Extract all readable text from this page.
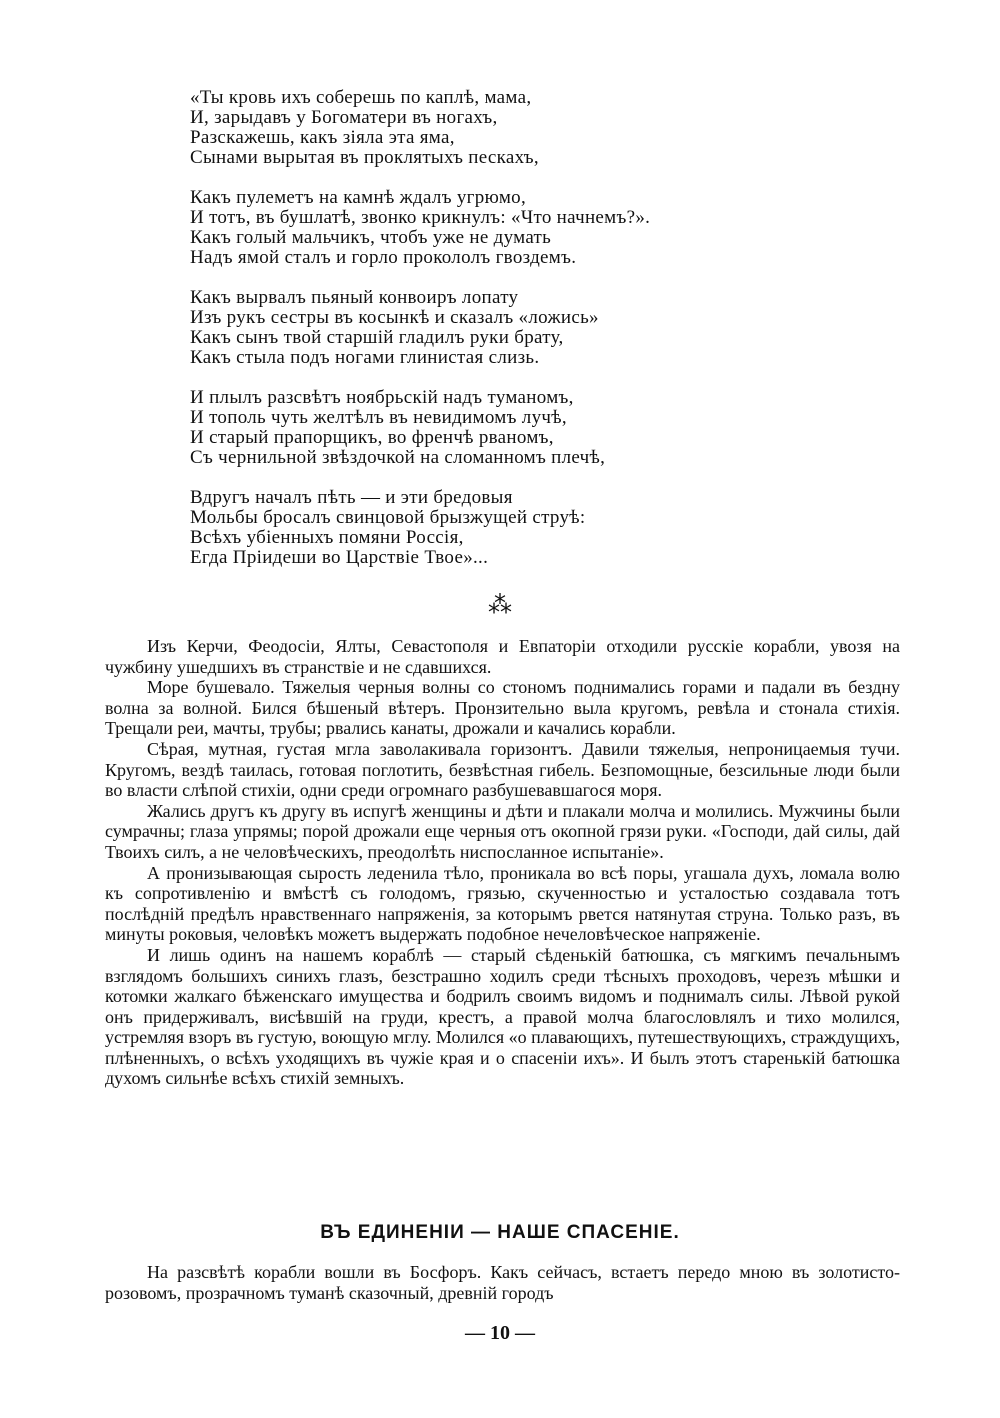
«Ты кровь ихъ соберешь по каплѣ, мама,
И, зарыдавъ у Богоматери въ ногахъ,
Разскажешь, какъ зіяла эта яма,
Сынами вырытая въ проклятыхъ пескахъ,
Какъ пулеметъ на камнѣ ждалъ угрюмо,
И тотъ, въ бушлатѣ, звонко крикнулъ: «Что начнемъ?».
Какъ голый мальчикъ, чтобъ уже не думать
Надъ ямой сталъ и горло прокололъ гвоздемъ.
Какъ вырвалъ пьяный конвоиръ лопату
Изъ рукъ сестры въ косынкѣ и сказалъ «ложись»
Какъ сынъ твой старшій гладилъ руки брату,
Какъ стыла подъ ногами глинистая слизь.
И плылъ разсвѣтъ ноябрьскій надъ туманомъ,
И тополь чуть желтѣлъ въ невидимомъ лучѣ,
И старый прапорщикъ, во френчѣ рваномъ,
Съ чернильной звѣздочкой на сломанномъ плечѣ,
Вдругъ началъ пѣть — и эти бредовыя
Мольбы бросалъ свинцовой брызжущей струѣ:
Всѣхъ убіенныхъ помяни Россія,
Егда Пріидеши во Царствіе Твое»...
⁂

Изъ Керчи, Феодосіи, Ялты, Севастополя и Евпаторіи отходили русскіе корабли, увозя на чужбину ушедшихъ въ странствіе и не сдавшихся.

Море бушевало. Тяжелыя черныя волны со стономъ поднимались горами и падали въ бездну волна за волной. Бился бѣшеный вѣтеръ. Пронзительно выла кругомъ, ревѣла и стонала стихія. Трещали реи, мачты, трубы; рвались канаты, дрожали и качались корабли.

Сѣрая, мутная, густая мгла заволакивала горизонтъ. Давили тяжелыя, непроницаемыя тучи. Кругомъ, вездѣ таилась, готовая поглотить, безвѣстная гибель. Безпомощные, безсильные люди были во власти слѣпой стихіи, одни среди огромнаго разбушевавшагося моря.

Жались другъ къ другу въ испугѣ женщины и дѣти и плакали молча и молились. Мужчины были сумрачны; глаза упрямы; порой дрожали еще черныя отъ окопной грязи руки. «Господи, дай силы, дай Твоихъ силъ, а не человѣческихъ, преодолѣть ниспосланное испытаніе».

А пронизывающая сырость леденила тѣло, проникала во всѣ поры, угашала духъ, ломала волю къ сопротивленію и вмѣстѣ съ голодомъ, грязью, скученностью и усталостью создавала тотъ послѣдній предѣлъ нравственнаго напряженія, за которымъ рвется натянутая струна. Только разъ, въ минуты роковыя, человѣкъ можетъ выдержать подобное нечеловѣческое напряженіе.

И лишь одинъ на нашемъ кораблѣ — старый сѣденькій батюшка, съ мягкимъ печальнымъ взглядомъ большихъ синихъ глазъ, безстрашно ходилъ среди тѣсныхъ проходовъ, черезъ мѣшки и котомки жалкаго бѣженскаго имущества и бодрилъ своимъ видомъ и поднималъ силы. Лѣвой рукой онъ придерживалъ, висѣвшій на груди, крестъ, а правой молча благословлялъ и тихо молился, устремляя взоръ въ густую, воющую мглу. Молился «о плавающихъ, путешествующихъ, страждущихъ, плѣненныхъ, о всѣхъ уходящихъ въ чужіе края и о спасеніи ихъ». И былъ этотъ старенькій батюшка духомъ сильнѣе всѣхъ стихій земныхъ.

ВЪ ЕДИНЕНІИ — НАШЕ СПАСЕНІЕ.

На разсвѣтѣ корабли вошли въ Босфоръ. Какъ сейчасъ, встаетъ передо мною въ золотисто-розовомъ, прозрачномъ туманѣ сказочный, древній городъ

— 10 —
